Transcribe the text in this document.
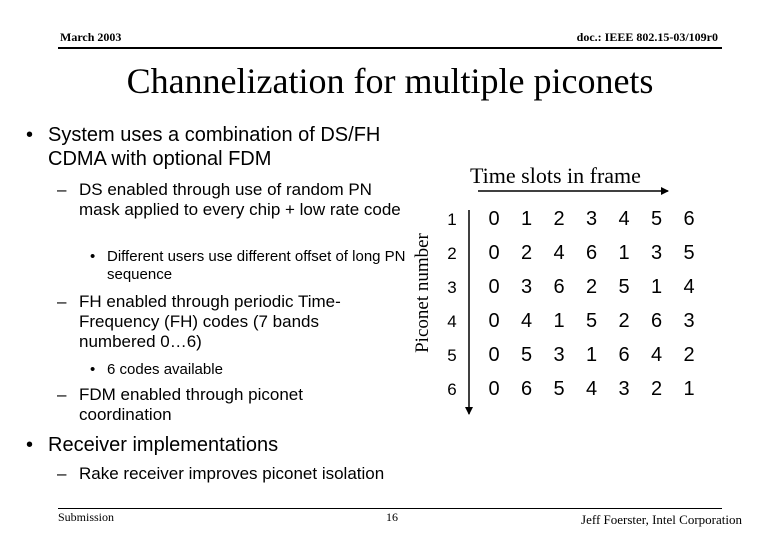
March 2003	doc.: IEEE 802.15-03/109r0
Channelization for multiple piconets
• System uses a combination of DS/FH CDMA with optional FDM
– DS enabled through use of random PN mask applied to every chip + low rate code
• Different users use different offset of long PN sequence
– FH enabled through periodic Time-Frequency (FH) codes (7 bands numbered 0…6)
• 6 codes available
– FDM enabled through piconet coordination
• Receiver implementations
– Rake receiver improves piconet isolation
Time slots in frame
Piconet number
1	0	1	2	3	4	5	6
2	0	2	4	6	1	3	5
3	0	3	6	2	5	1	4
4	0	4	1	5	2	6	3
5	0	5	3	1	6	4	2
6	0	6	5	4	3	2	1
Submission	16	Jeff Foerster, Intel Corporation
